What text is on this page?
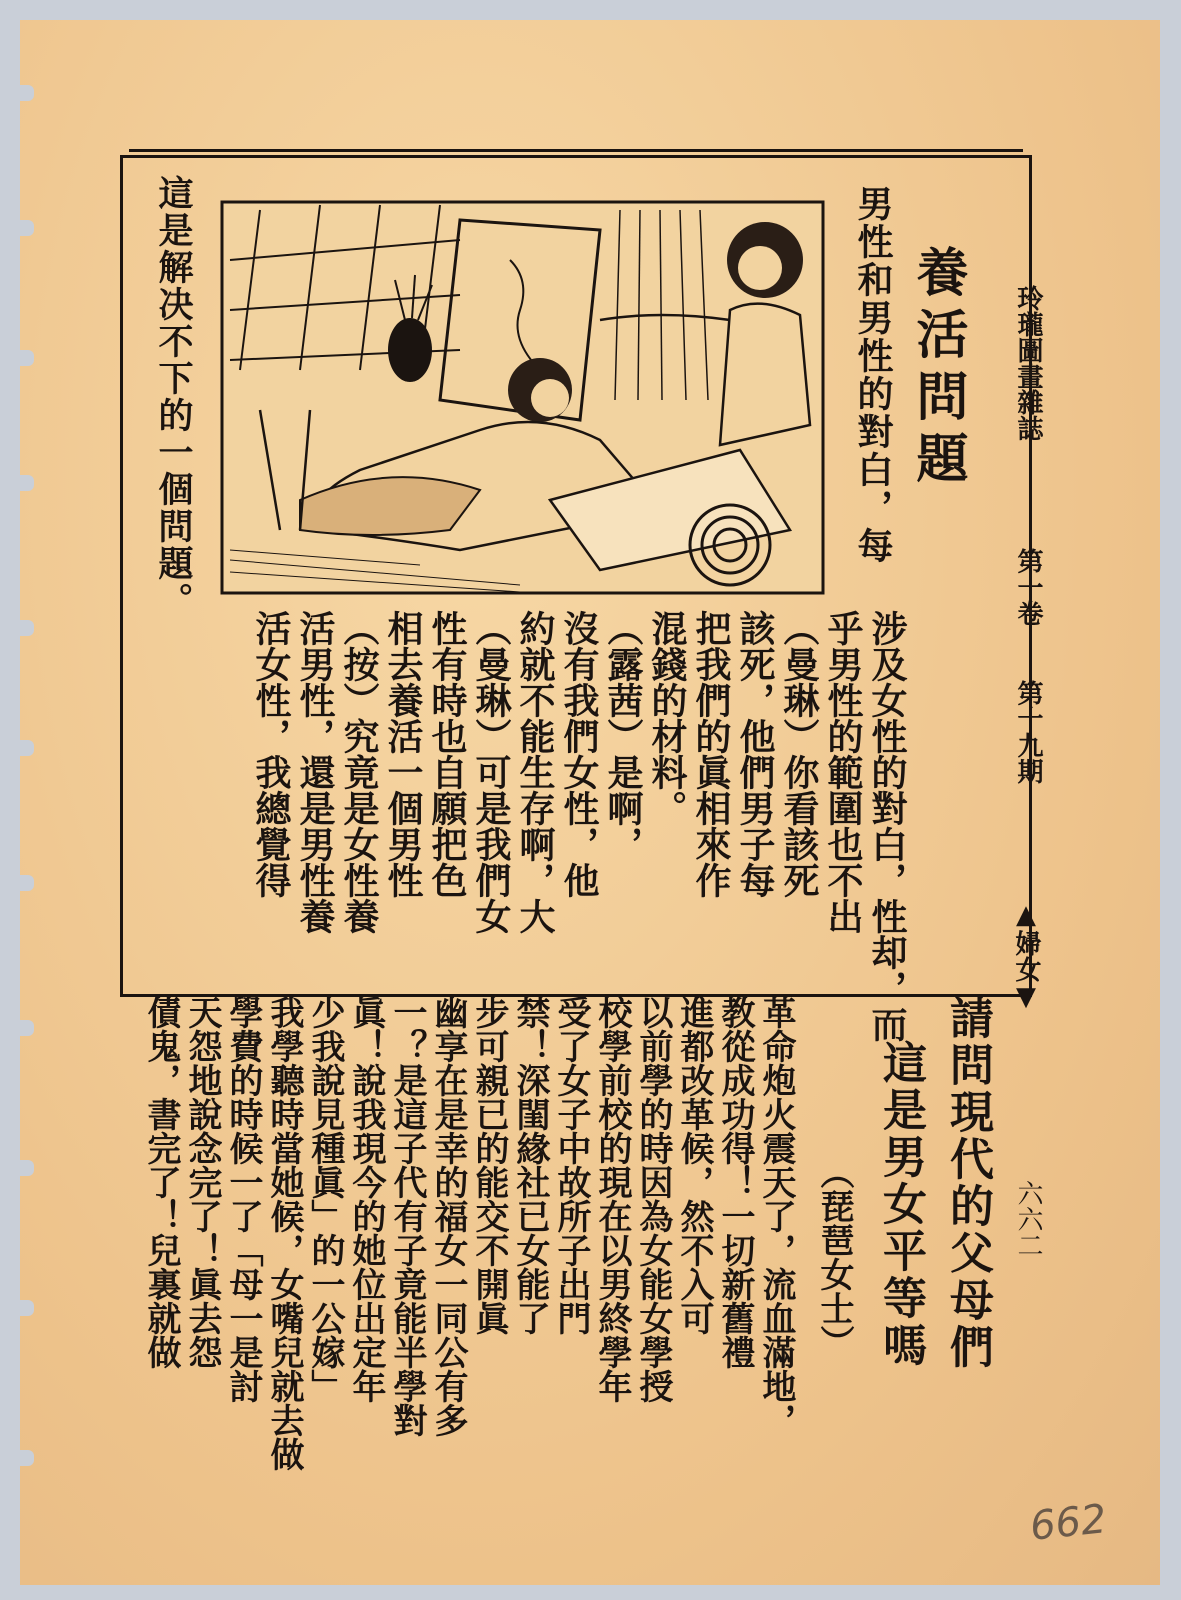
玲瓏圖畫雜誌
第一卷
第十九期
▲婦女▼
六六二
662
養活問題
男性和男性的對白，每
這是解决不下的一個問題。
涉及女性的對白，性却，而
乎男性的範圍也不出
（曼琳）你看該死
該死，他們男子每
把我們的眞相來作
混錢的材料。
（露茜）是啊，
沒有我們女性，他
約就不能生存啊，大
（曼琳）可是我們女
性有時也自願把色
相去養活一個男性
（按）究竟是女性養
活男性，還是男性養
活女性，我總覺得
請問現代的父母們
這是男女平等嗎
（琵琶女士）
革命炮火震天了，流血滿地，
教從成功得！一切新舊禮
進都改革候，然不入可
以前學的時因為女能女學授
校學前校的現在以男終學年
受了女子中故所子出門
禁！深閨緣社已女能了
步可親已的能交不開眞
幽享在是幸的福女一同公有多
一？是這子代有子竟能半學對
眞！說我現今的她位出定年
少我說見種眞」的一公嫁」
我學聽時當她候，女嘴兒就去做
學費的時候一了「母一是討
天怨地說念完了！眞去怨
債鬼，書完了！兒裏就做
